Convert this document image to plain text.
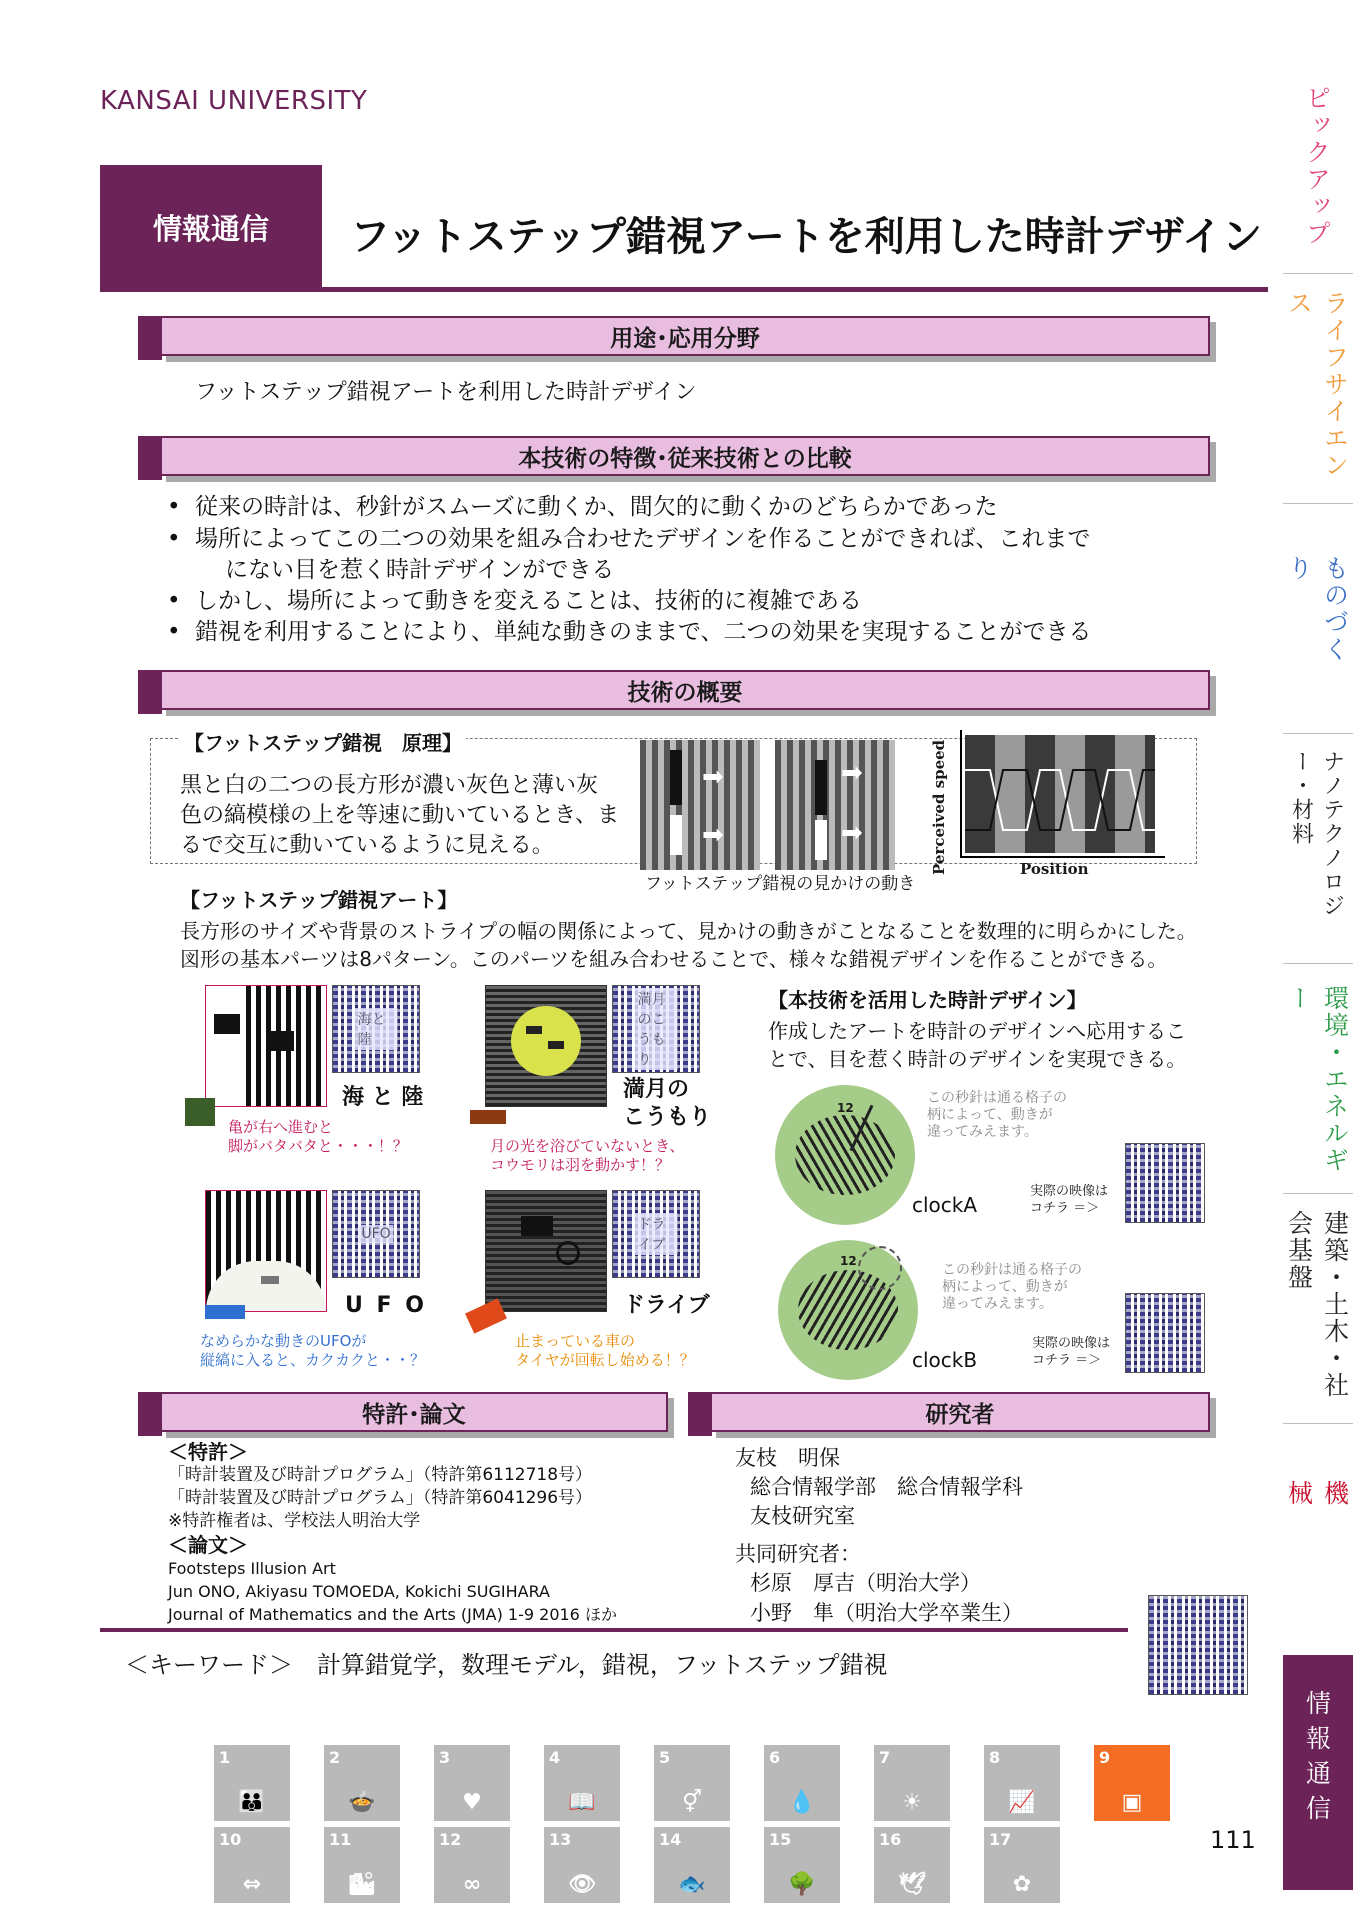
KANSAI UNIVERSITY
情報通信	フットステップ錯視アートを利用した時計デザイン
用途･応用分野
フットステップ錯視アートを利用した時計デザイン
本技術の特徴･従来技術との比較
• 従来の時計は、秒針がスムーズに動くか、間欠的に動くかのどちらかであった
• 場所によってこの二つの効果を組み合わせたデザインを作ることができれば、これまで
にない目を惹く時計デザインができる
• しかし、場所によって動きを変えることは、技術的に複雑である
• 錯視を利用することにより、単純な動きのままで、二つの効果を実現することができる
技術の概要
【フットステップ錯視　原理】
黒と白の二つの長方形が濃い灰色と薄い灰
色の縞模様の上を等速に動いているとき、ま
るで交互に動いているように見える。
➡
➡
➡
➡
フットステップ錯視の見かけの動き
Perceived speed	Position
【フットステップ錯視アート】
長方形のサイズや背景のストライプの幅の関係によって、見かけの動きがことなることを数理的に明らかにした。
図形の基本パーツは8パターン。このパーツを組み合わせることで、様々な錯視デザインを作ることができる。
海と陸
海 と 陸
亀が右へ進むと
脚がバタバタと・・・！？
満月のこうもり
満月の
こうもり
月の光を浴びていないとき、
コウモリは羽を動かす！？
UFO
U F O
なめらかな動きのUFOが
縦縞に入ると、カクカクと・・？
ドライブ
ドライブ
止まっている車の
タイヤが回転し始める！？
【本技術を活用した時計デザイン】
作成したアートを時計のデザインへ応用するこ
とで、目を惹く時計のデザインを実現できる。
12
この秒針は通る格子の
柄によって、動きが
違ってみえます。
clockA
実際の映像は
コチラ ＝＞
12
この秒針は通る格子の
柄によって、動きが
違ってみえます。
clockB
実際の映像は
コチラ ＝＞
特許･論文
＜特許＞
「時計装置及び時計プログラム」（特許第6112718号）
「時計装置及び時計プログラム」（特許第6041296号）
※特許権者は、学校法人明治大学
＜論文＞
Footsteps Illusion Art
Jun ONO, Akiyasu TOMOEDA, Kokichi SUGIHARA
Journal of Mathematics and the Arts (JMA) 1-9 2016 ほか
研究者
友枝　明保
総合情報学部　総合情報学科
友枝研究室
共同研究者：
杉原　厚吉（明治大学）
小野　隼（明治大学卒業生）
＜キーワード＞　計算錯覚学，数理モデル，錯視，フットステップ錯視
1
👪
2
🍲
3
♥
4
📖
5
⚥
6
💧
7
☀
8
📈
9
▣
10
⇔
11
🏙
12
∞
13
👁
14
🐟
15
🌳
16
🕊
17
✿
111
ピックアップ
ライフサイエンス
ものづくり
ナノテクノロジー・材料
環境・エネルギー
建築・土木・社会基盤
機　械
情報通信
